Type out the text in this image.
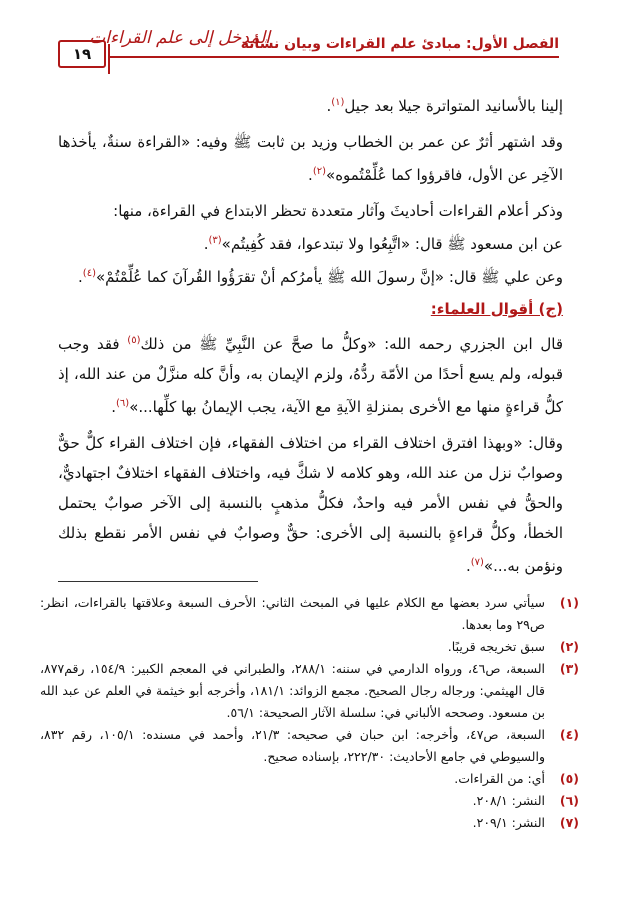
الفصل الأول: مبادئ علم القراءات وبيان نشأته
المدخل إلى علم القراءات
١٩

إلينا بالأسانيد المتواترة جيلا بعد جيل$^{(١)}$.

وقد اشتهر أثرٌ عن عمر بن الخطاب وزيد بن ثابت ﷺ وفيه: «القراءة سنةٌ، يأخذها الآخِر عن الأول، فاقرؤوا كما عُلِّمْتُموه»$^{(٢)}$.

وذكر أعلام القراءات أحاديثَ وآثار متعددة تحظر الابتداع في القراءة، منها:

عن ابن مسعود ﷺ قال: «اتَّبِعُوا ولا تبتدعوا، فقد كُفِيتُم»$^{(٣)}$.

وعن علي ﷺ قال: «إنَّ رسولَ الله ﷺ يأمرُكم أنْ تقرَؤُوا القُرآنَ كما عُلِّمْتُمْ»$^{(٤)}$.

(ج) أقوال العلماء:

قال ابن الجزري رحمه الله: «وكلُّ ما صحَّ عن النَّبِيِّ ﷺ من ذلك$^{(٥)}$ فقد وجب قبوله، ولم يسع أحدًا من الأمّة ردُّهُ، ولزم الإيمان به، وأنَّ كله منزَّلٌ من عند الله، إذ كلُّ قراءةٍ منها مع الأخرى بمنزلةِ الآيةِ مع الآية، يجب الإيمانُ بها كلِّها...»$^{(٦)}$.

وقال: «وبهذا افترق اختلاف القراء من اختلاف الفقهاء، فإن اختلاف القراء كلٌّ حقٌّ وصوابٌ نزل من عند الله، وهو كلامه لا شكَّ فيه، واختلاف الفقهاء اختلافٌ اجتهاديٌّ، والحقُّ في نفس الأمر فيه واحدٌ، فكلُّ مذهبٍ بالنسبة إلى الآخر صوابٌ يحتمل الخطأ، وكلُّ قراءةٍ بالنسبة إلى الأخرى: حقٌّ وصوابٌ في نفس الأمر نقطع بذلك ونؤمن به...»$^{(٧)}$.

(١)
سيأتي سرد بعضها مع الكلام عليها في المبحث الثاني: الأحرف السبعة وعلاقتها بالقراءات، انظر: ص٢٩ وما بعدها.
(٢)
سبق تخريجه قريبًا.
(٣)
السبعة، ص٤٦، ورواه الدارمي في سننه: ٢٨٨/١، والطبراني في المعجم الكبير: ١٥٤/٩، رقم٨٧٧، قال الهيثمي: ورجاله رجال الصحيح. مجمع الزوائد: ١٨١/١، وأخرجه أبو خيثمة في العلم عن عبد الله بن مسعود. وصححه الألباني في: سلسلة الآثار الصحيحة: ٥٦/١.
(٤)
السبعة، ص٤٧، وأخرجه: ابن حبان في صحيحه: ٢١/٣، وأحمد في مسنده: ١٠٥/١، رقم ٨٣٢، والسيوطي في جامع الأحاديث: ٢٢٢/٣٠، بإسناده صحيح.
(٥)
أي: من القراءات.
(٦)
النشر: ٢٠٨/١.
(٧)
النشر: ٢٠٩/١.
